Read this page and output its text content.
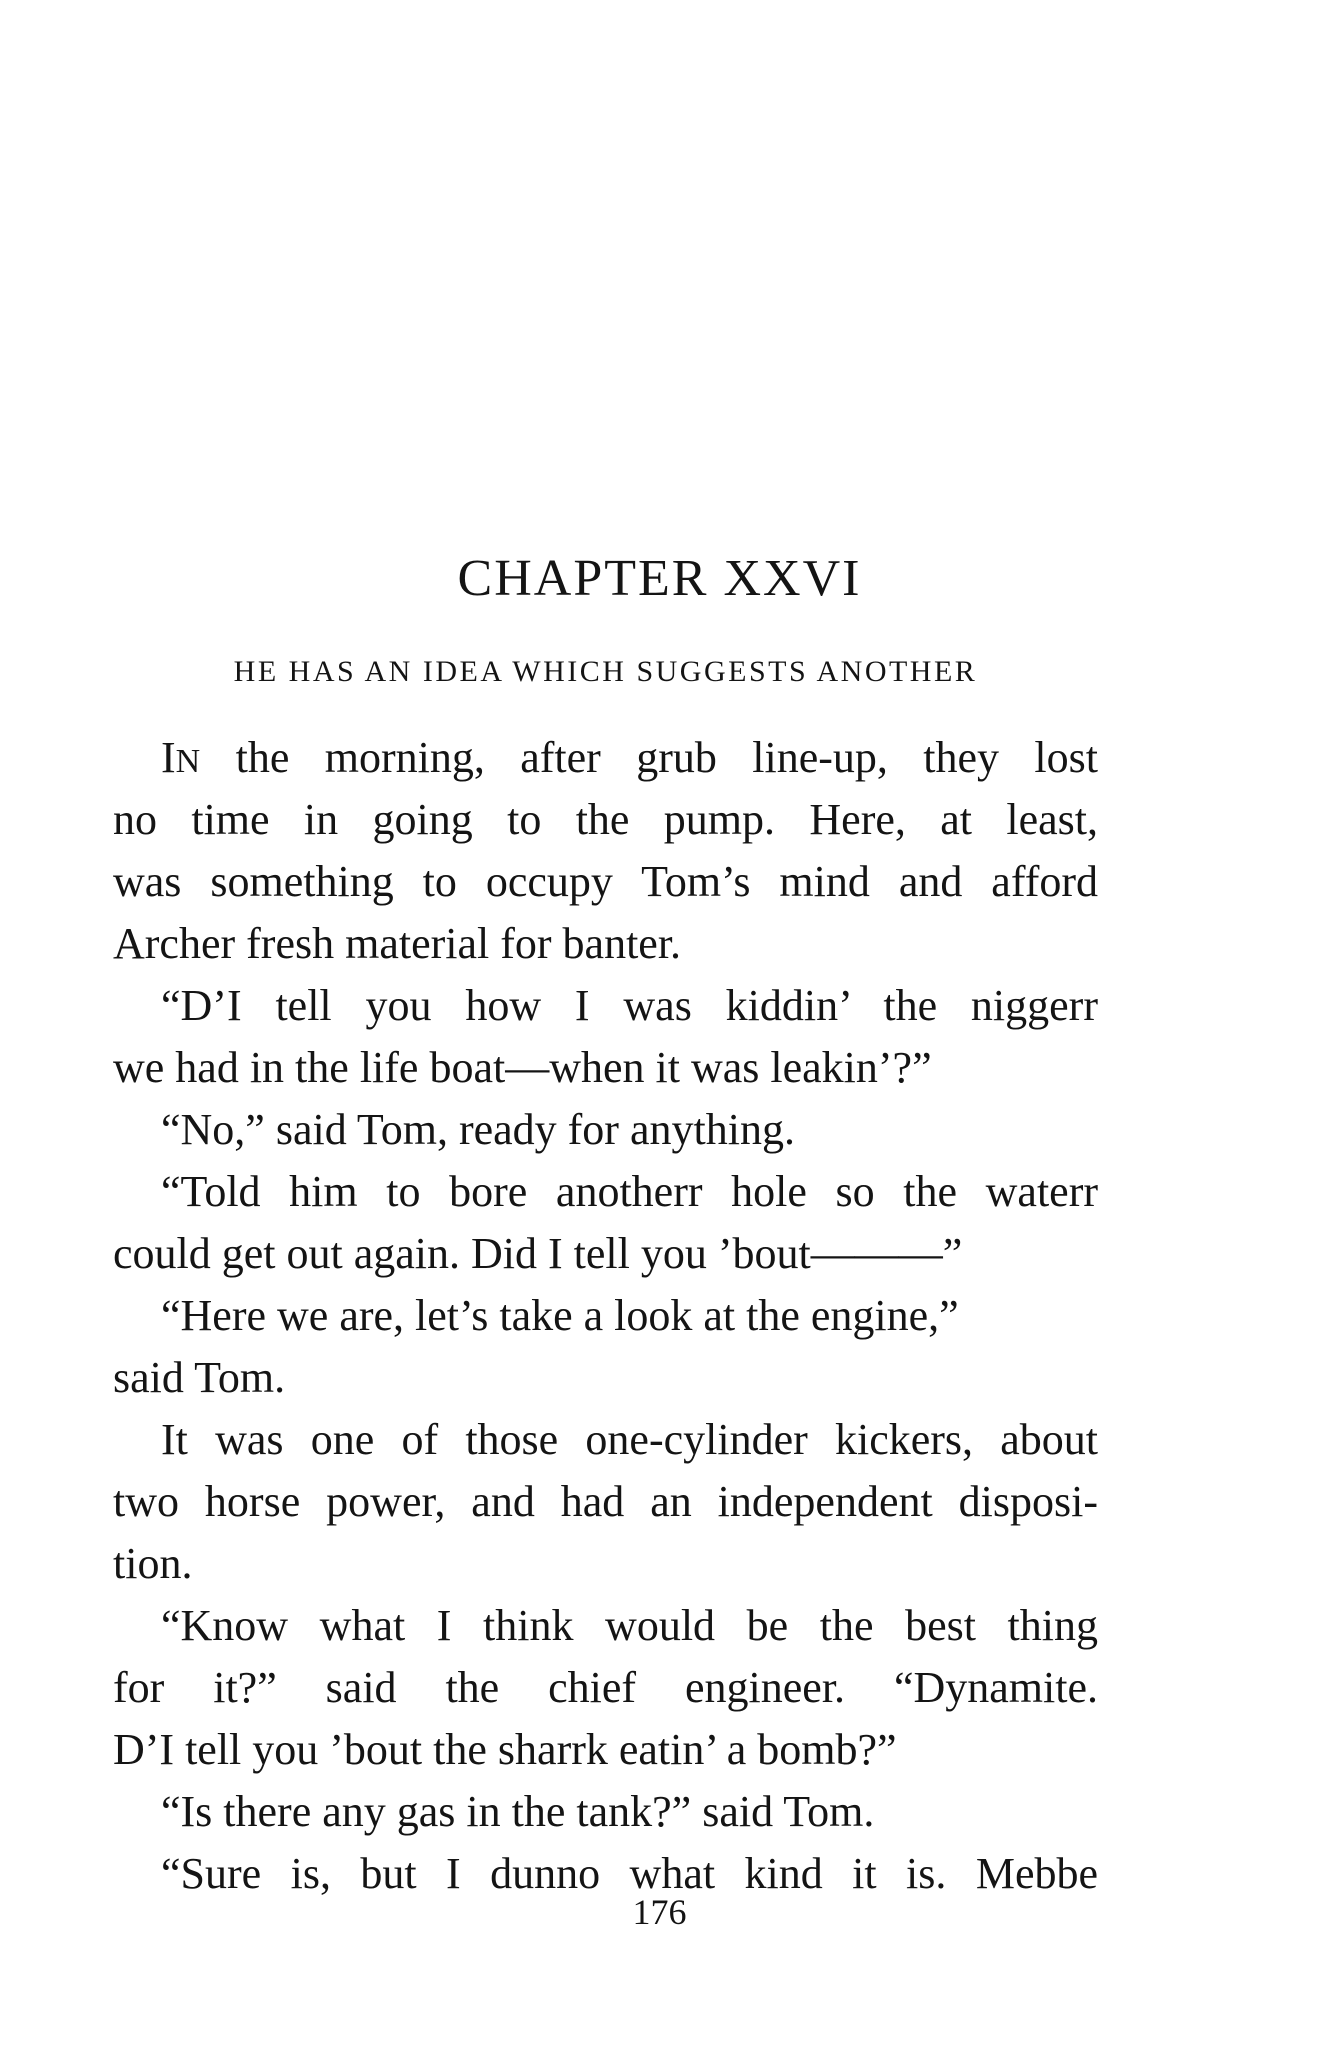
CHAPTER XXVI
HE HAS AN IDEA WHICH SUGGESTS ANOTHER
IN the morning, after grub line-up, they lost
no time in going to the pump. Here, at least,
was something to occupy Tom’s mind and afford
Archer fresh material for banter.
“D’I tell you how I was kiddin’ the niggerr
we had in the life boat—when it was leakin’?”
“No,” said Tom, ready for anything.
“Told him to bore anotherr hole so the waterr
could get out again. Did I tell you ’bout———”
“Here we are, let’s take a look at the engine,”
said Tom.
It was one of those one-cylinder kickers, about
two horse power, and had an independent disposi-
tion.
“Know what I think would be the best thing
for it?” said the chief engineer. “Dynamite.
D’I tell you ’bout the sharrk eatin’ a bomb?”
“Is there any gas in the tank?” said Tom.
“Sure is, but I dunno what kind it is. Mebbe
176
